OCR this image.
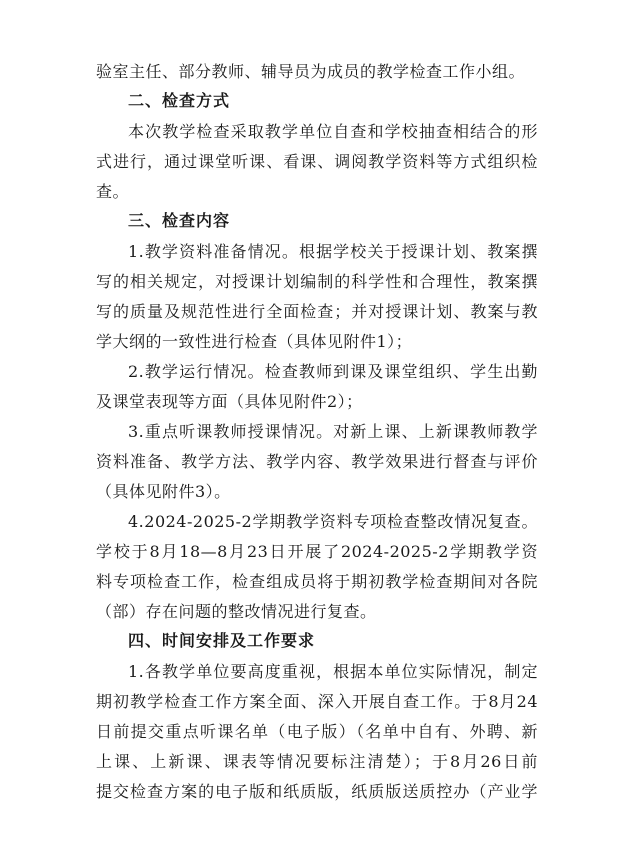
验室主任、部分教师、辅导员为成员的教学检查工作小组。
二、检查方式
本次教学检查采取教学单位自查和学校抽查相结合的形
式进行，通过课堂听课、看课、调阅教学资料等方式组织检
查。
三、检查内容
1.教学资料准备情况。根据学校关于授课计划、教案撰
写的相关规定，对授课计划编制的科学性和合理性，教案撰
写的质量及规范性进行全面检查；并对授课计划、教案与教
学大纲的一致性进行检查（具体见附件1）；
2.教学运行情况。检查教师到课及课堂组织、学生出勤
及课堂表现等方面（具体见附件2）；
3.重点听课教师授课情况。对新上课、上新课教师教学
资料准备、教学方法、教学内容、教学效果进行督查与评价
（具体见附件3）。
4.2024-2025-2学期教学资料专项检查整改情况复查。
学校于8月18—8月23日开展了2024-2025-2学期教学资
料专项检查工作，检查组成员将于期初教学检查期间对各院
（部）存在问题的整改情况进行复查。
四、时间安排及工作要求
1.各教学单位要高度重视，根据本单位实际情况，制定
期初教学检查工作方案全面、深入开展自查工作。于8月24
日前提交重点听课名单（电子版）（名单中自有、外聘、新
上课、上新课、课表等情况要标注清楚）；于8月26日前
提交检查方案的电子版和纸质版，纸质版送质控办（产业学
